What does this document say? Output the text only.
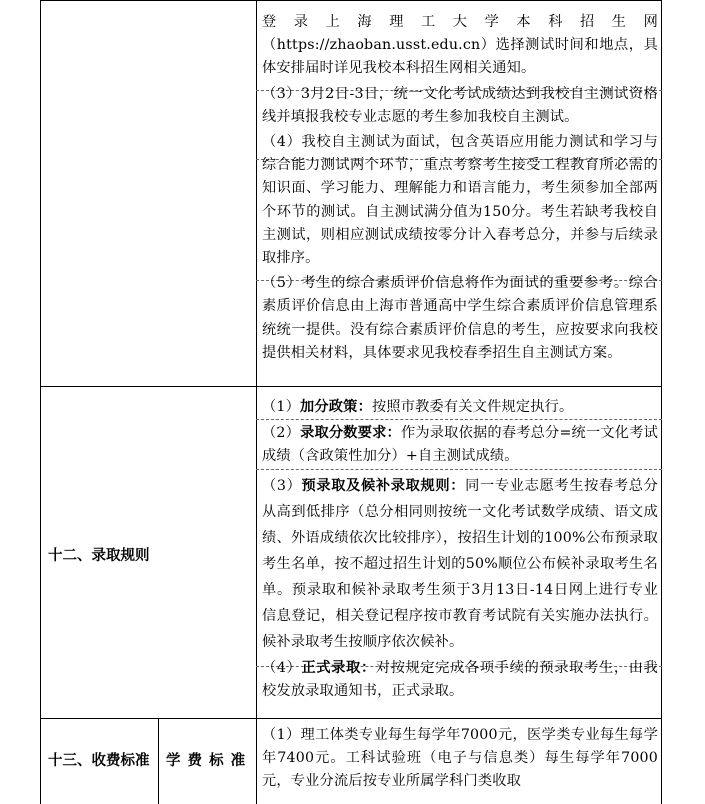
登录上海理工大学本科招生网（https://zhaoban.usst.edu.cn）选择测试时间和地点，具体安排届时详见我校本科招生网相关通知。

（3）3月2日-3日，统一文化考试成绩达到我校自主测试资格线并填报我校专业志愿的考生参加我校自主测试。

（4）我校自主测试为面试，包含英语应用能力测试和学习与综合能力测试两个环节，重点考察考生接受工程教育所必需的知识面、学习能力、理解能力和语言能力，考生须参加全部两个环节的测试。自主测试满分值为150分。考生若缺考我校自主测试，则相应测试成绩按零分计入春考总分，并参与后续录取排序。

（5）考生的综合素质评价信息将作为面试的重要参考。综合素质评价信息由上海市普通高中学生综合素质评价信息管理系统统一提供。没有综合素质评价信息的考生，应按要求向我校提供相关材料，具体要求见我校春季招生自主测试方案。

十二、录取规则

（1）加分政策：按照市教委有关文件规定执行。

（2）录取分数要求：作为录取依据的春考总分=统一文化考试成绩（含政策性加分）+自主测试成绩。

（3）预录取及候补录取规则：同一专业志愿考生按春考总分从高到低排序（总分相同则按统一文化考试数学成绩、语文成绩、外语成绩依次比较排序），按招生计划的100%公布预录取考生名单，按不超过招生计划的50%顺位公布候补录取考生名单。预录取和候补录取考生须于3月13日-14日网上进行专业信息登记，相关登记程序按市教育考试院有关实施办法执行。候补录取考生按顺序依次候补。

（4）正式录取：对按规定完成各项手续的预录取考生，由我校发放录取通知书，正式录取。

十三、收费标准 学 费 标 准

（1）理工体类专业每生每学年7000元，医学类专业每生每学年7400元。工科试验班（电子与信息类）每生每学年7000元，专业分流后按专业所属学科门类收取
